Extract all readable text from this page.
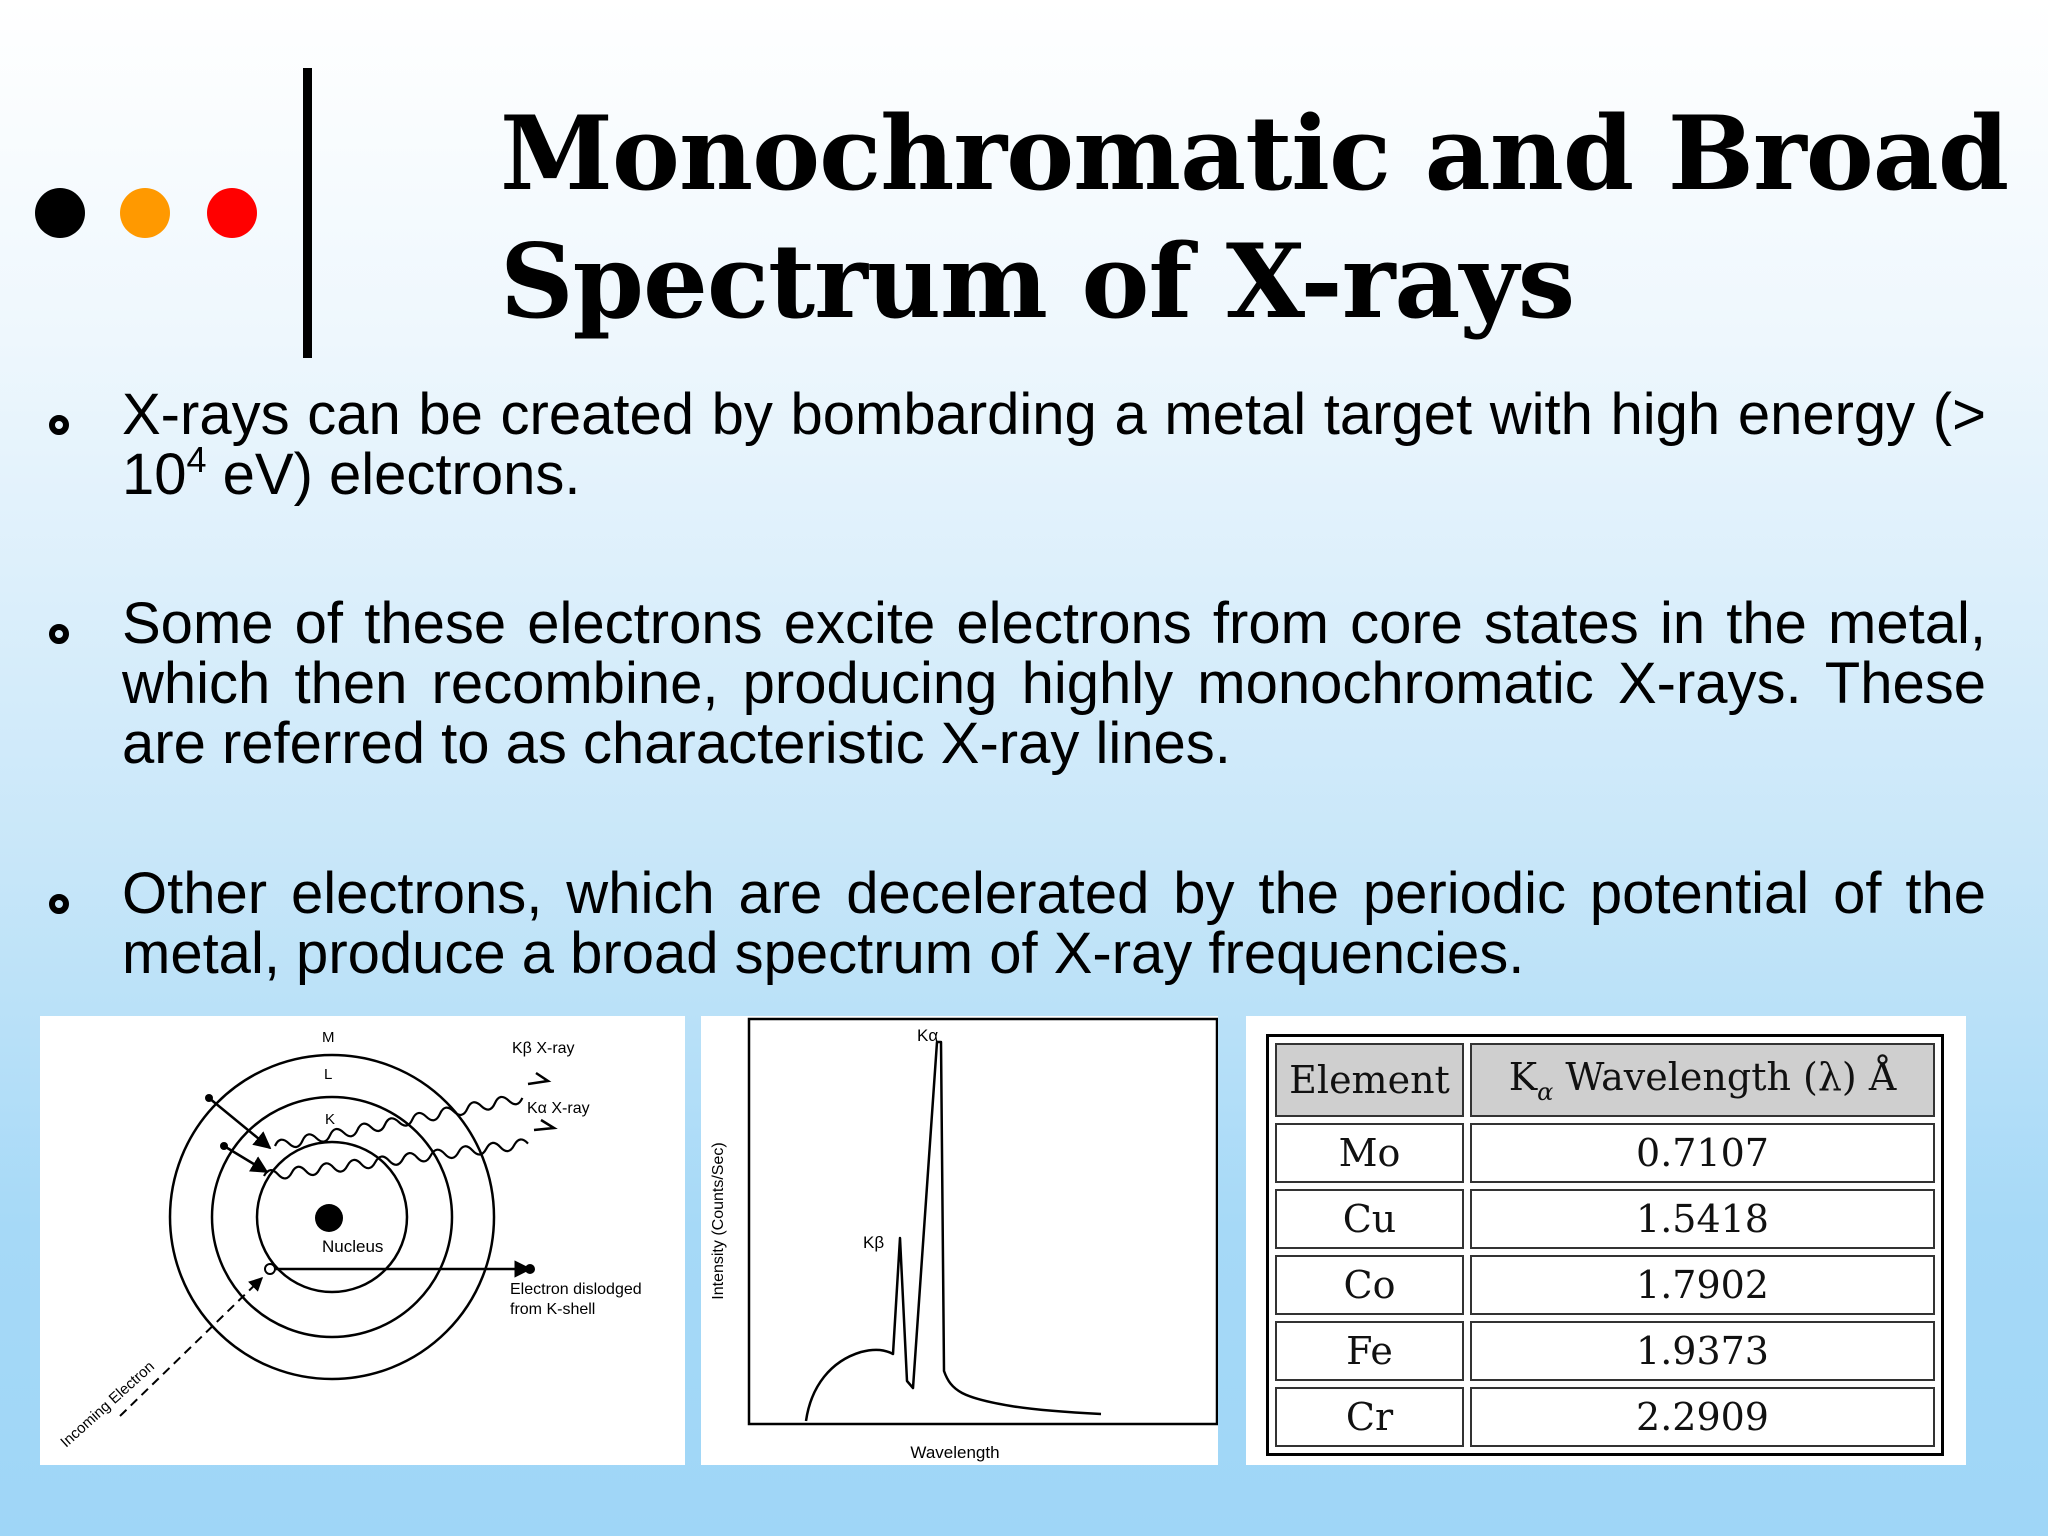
Monochromatic and Broad
Spectrum of X-rays

X-rays can be created by bombarding a metal target with high energy (> $10^4$ eV) electrons.

Some of these electrons excite electrons from core states in the metal, which then recombine, producing highly monochromatic X-rays. These are referred to as characteristic X-ray lines.

Other electrons, which are decelerated by the periodic potential of the metal, produce a broad spectrum of X-ray frequencies.

Nucleus
M
L
K
Kβ X-ray
Kα X-ray
Electron dislodged
from K-shell
Incoming Electron
Kα
Kβ
Intensity (Counts/Sec)
Wavelength
Element	$K_\alpha$ Wavelength (λ) Å
Mo	0.7107
Cu	1.5418
Co	1.7902
Fe	1.9373
Cr	2.2909
